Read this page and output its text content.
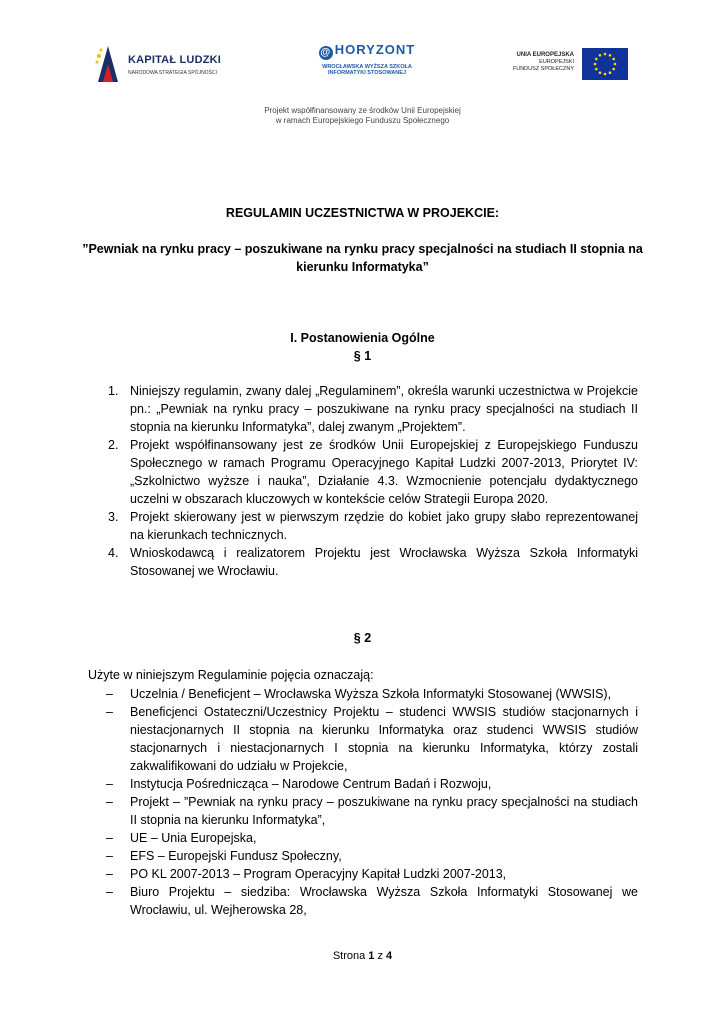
KAPITAŁ LUDZKI
NARODOWA STRATEGIA SPÓJNOŚCI
@ HORYZONT
WROCŁAWSKA WYŻSZA SZKOŁA
INFORMATYKI STOSOWANEJ
UNIA EUROPEJSKA
EUROPEJSKI
FUNDUSZ SPOŁECZNY
Projekt współfinansowany ze środków Unii Europejskiej
w ramach Europejskiego Funduszu Społecznego
REGULAMIN UCZESTNICTWA W PROJEKCIE:
”Pewniak na rynku pracy – poszukiwane na rynku pracy specjalności na studiach II stopnia na kierunku Informatyka”
I. Postanowienia Ogólne
§ 1
1. Niniejszy regulamin, zwany dalej „Regulaminem”, określa warunki uczestnictwa w Projekcie pn.: „Pewniak na rynku pracy – poszukiwane na rynku pracy specjalności na studiach II stopnia na kierunku Informatyka”, dalej zwanym „Projektem”.
2. Projekt współfinansowany jest ze środków Unii Europejskiej z Europejskiego Funduszu Społecznego w ramach Programu Operacyjnego Kapitał Ludzki 2007-2013, Priorytet IV: „Szkolnictwo wyższe i nauka”, Działanie 4.3. Wzmocnienie potencjału dydaktycznego uczelni w obszarach kluczowych w kontekście celów Strategii Europa 2020.
3. Projekt skierowany jest w pierwszym rzędzie do kobiet jako grupy słabo reprezentowanej na kierunkach technicznych.
4. Wnioskodawcą i realizatorem Projektu jest Wrocławska Wyższa Szkoła Informatyki Stosowanej we Wrocławiu.
§ 2
Użyte w niniejszym Regulaminie pojęcia oznaczają:
– Uczelnia / Beneficjent – Wrocławska Wyższa Szkoła Informatyki Stosowanej (WWSIS),
– Beneficjenci Ostateczni/Uczestnicy Projektu – studenci WWSIS studiów stacjonarnych i niestacjonarnych II stopnia na kierunku Informatyka oraz studenci WWSIS studiów stacjonarnych i niestacjonarnych I stopnia na kierunku Informatyka, którzy zostali zakwalifikowani do udziału w Projekcie,
– Instytucja Pośrednicząca – Narodowe Centrum Badań i Rozwoju,
– Projekt – ”Pewniak na rynku pracy – poszukiwane na rynku pracy specjalności na studiach II stopnia na kierunku Informatyka”,
– UE – Unia Europejska,
– EFS – Europejski Fundusz Społeczny,
– PO KL 2007-2013 – Program Operacyjny Kapitał Ludzki 2007-2013,
– Biuro Projektu – siedziba: Wrocławska Wyższa Szkoła Informatyki Stosowanej we Wrocławiu, ul. Wejherowska 28,
Strona 1 z 4
